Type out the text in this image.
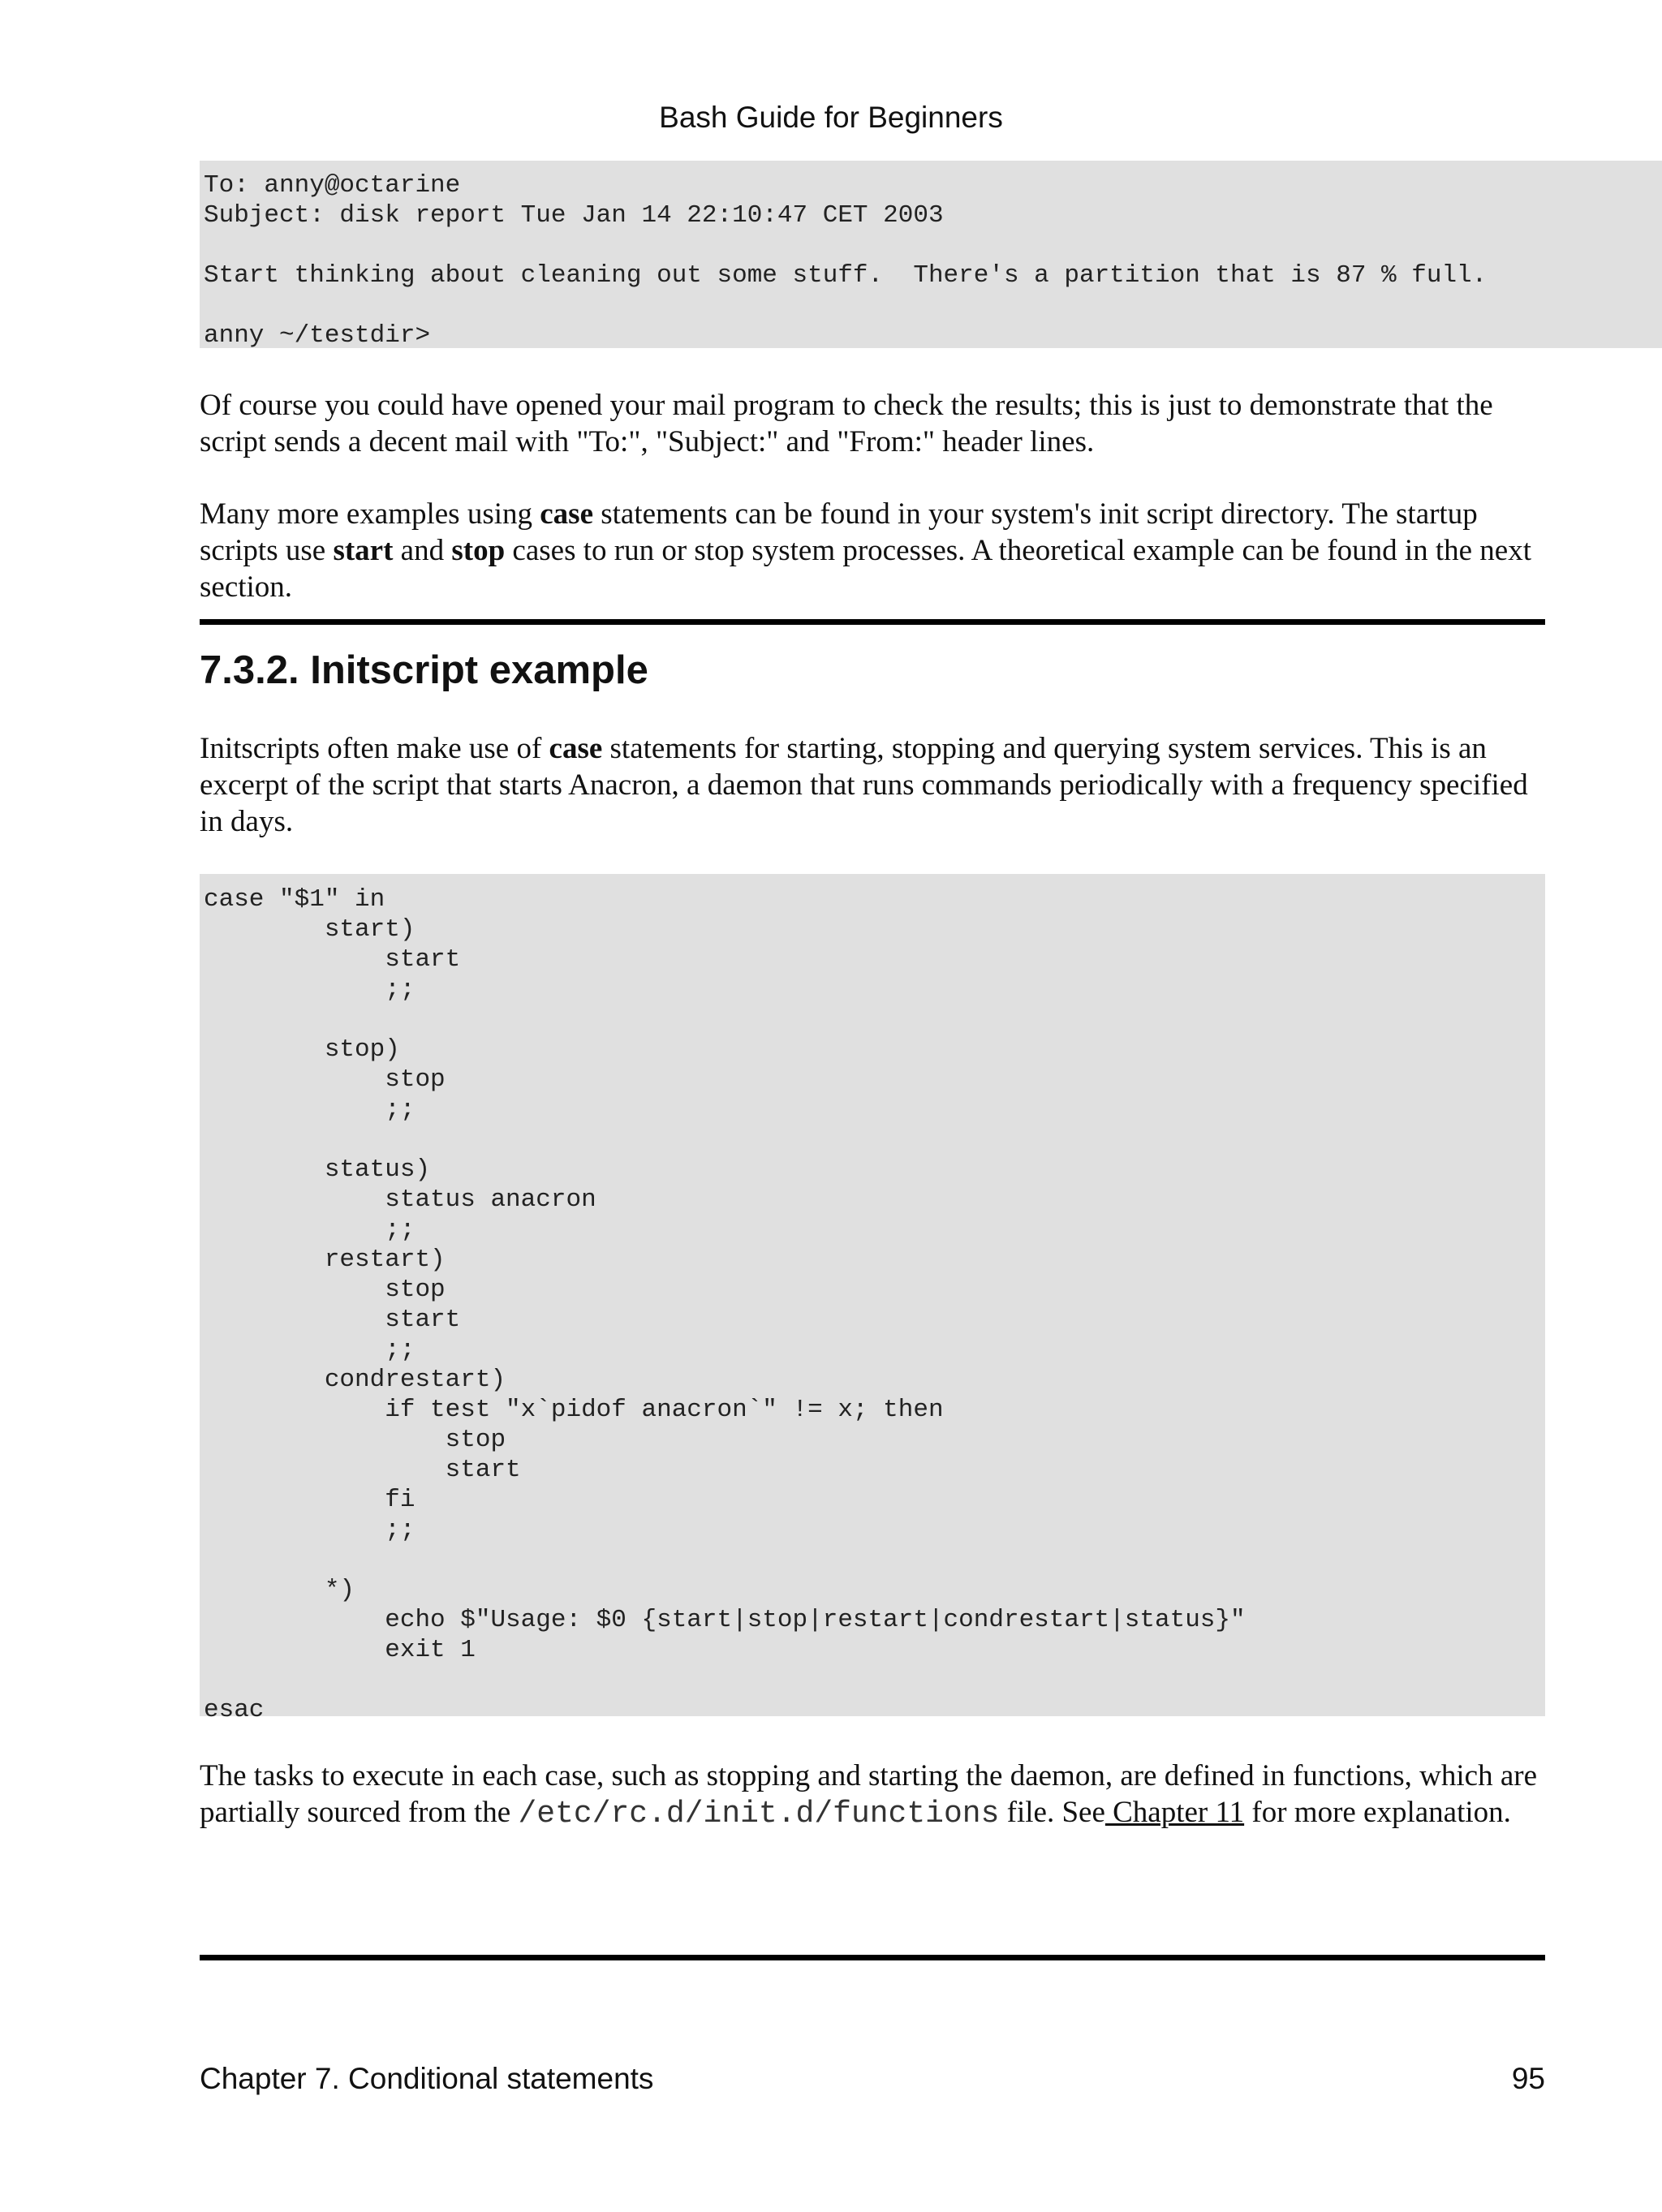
Bash Guide for Beginners
To: anny@octarine
Subject: disk report Tue Jan 14 22:10:47 CET 2003

Start thinking about cleaning out some stuff.  There's a partition that is 87 % full.

anny ~/testdir>

Of course you could have opened your mail program to check the results; this is just to demonstrate that the script sends a decent mail with "To:", "Subject:" and "From:" header lines.

Many more examples using case statements can be found in your system's init script directory. The startup scripts use start and stop cases to run or stop system processes. A theoretical example can be found in the next section.

7.3.2. Initscript example

Initscripts often make use of case statements for starting, stopping and querying system services. This is an excerpt of the script that starts Anacron, a daemon that runs commands periodically with a frequency specified in days.

case "$1" in
start)
start
;;

stop)
stop
;;

status)
status anacron
;;
restart)
stop
start
;;
condrestart)
if test "x`pidof anacron`" != x; then
stop
start
fi
;;

*)
echo $"Usage: $0 {start|stop|restart|condrestart|status}"
exit 1

esac

The tasks to execute in each case, such as stopping and starting the daemon, are defined in functions, which are partially sourced from the /etc/rc.d/init.d/functions file. See Chapter 11 for more explanation.

Chapter 7. Conditional statements	95
